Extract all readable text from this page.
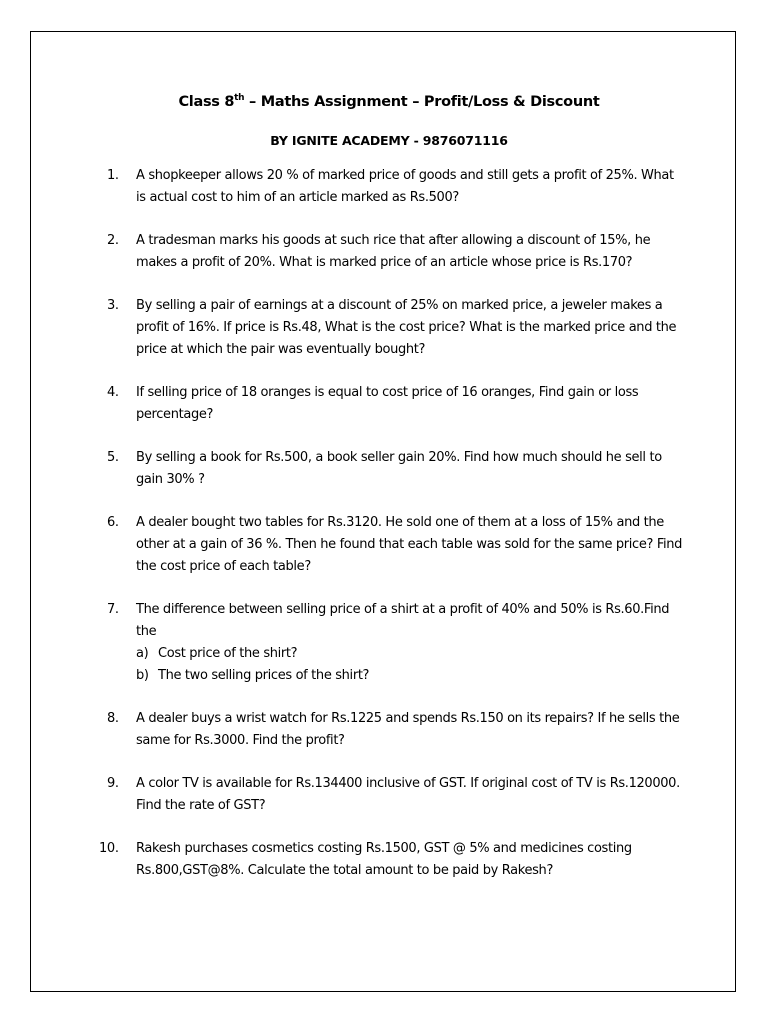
Class 8th – Maths Assignment – Profit/Loss & Discount
BY IGNITE ACADEMY - 9876071116
1.	A shopkeeper allows 20 % of marked price of goods and still gets a profit of 25%. What
is actual cost to him of an article marked as Rs.500?
2.	A tradesman marks his goods at such rice that after allowing a discount of 15%, he
makes a profit of 20%. What is marked price of an article whose price is Rs.170?
3.	By selling a pair of earnings at a discount of 25% on marked price, a jeweler makes a
profit of 16%. If price is Rs.48, What is the cost price? What is the marked price and the
price at which the pair was eventually bought?
4.	If selling price of 18 oranges is equal to cost price of 16 oranges, Find gain or loss
percentage?
5.	By selling a book for Rs.500, a book seller gain 20%. Find how much should he sell to
gain 30% ?
6.	A dealer bought two tables for Rs.3120. He sold one of them at a loss of 15% and the
other at a gain of 36 %. Then he found that each table was sold for the same price? Find
the cost price of each table?
7.	The difference between selling price of a shirt at a profit of 40% and 50% is Rs.60.Find
the
a) Cost price of the shirt?
b) The two selling prices of the shirt?
8.	A dealer buys a wrist watch for Rs.1225 and spends Rs.150 on its repairs? If he sells the
same for Rs.3000. Find the profit?
9.	A color TV is available for Rs.134400 inclusive of GST. If original cost of TV is Rs.120000.
Find the rate of GST?
10.	Rakesh purchases cosmetics costing Rs.1500, GST @ 5% and medicines costing
Rs.800,GST@8%. Calculate the total amount to be paid by Rakesh?
